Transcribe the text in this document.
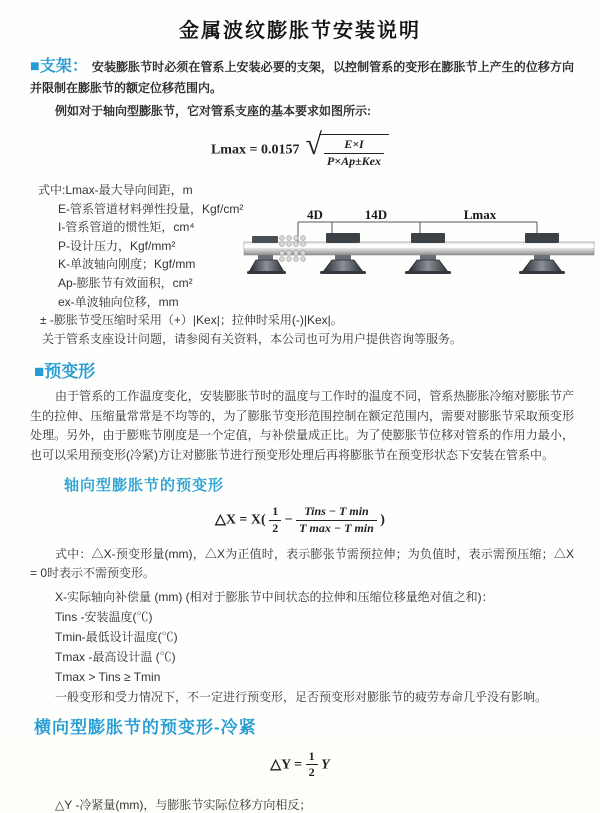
金属波纹膨胀节安装说明

■支架： 安装膨胀节时必须在管系上安装必要的支架，以控制管系的变形在膨胀节上产生的位移方向并限制在膨胀节的额定位移范围内。

例如对于轴向型膨胀节，它对管系支座的基本要求如图所示:

Lmax = 0.0157 √ $\frac{E\times I}{\text{P×Ap±Kex}}$
式中:Lmax-最大导向间距，m
E-管系管道材料弹性投量，Kgf/cm²
I-管系管道的惯性矩，cm⁴
P-设计压力，Kgf/mm²
K-单波轴向刚度；Kgf/mm
Ap-膨胀节有效面积，cm²
ex-单波轴向位移，mm
± -膨胀节受压缩时采用（+）|Kex|；拉伸时采用(-)|Kex|。
关于管系支座设计问题，请参阅有关资料，本公司也可为用户提供咨询等服务。
4D	14D	Lmax
■预变形

由于管系的工作温度变化，安装膨胀节时的温度与工作时的温度不同，管系热膨胀冷缩对膨胀节产生的拉伸、压缩量常常是不均等的，为了膨胀节变形范围控制在额定范围内，需要对膨胀节采取预变形处理。另外，由于膨账节刚度是一个定值，与补偿量成正比。为了使膨胀节位移对管系的作用力最小，也可以采用预变形(冷紧)方让对膨胀节进行预变形处理后再将膨胀节在预变形状态下安装在管系中。

轴向型膨胀节的预变形
△X = $X( \frac{1}{2} - \frac{\text{Tins − T min}}{\text{T max − T min}}$ )

式中：△X-预变形量(mm)，△X为正值时，表示膨张节需预拉伸；为负值时，表示需预压缩；△X = 0时表示不需预变形。

X-实际轴向补偿量 (mm) (相对于膨胀节中间状态的拉伸和压缩位移量绝对值之和)：
Tins -安装温度(℃)
Tmin-最低设计温度(℃)
Tmax -最高设计温 (℃)
Tmax > Tins ≥ Tmin
一般变形和受力情况下，不一定进行预变形，足否预变形对膨胀节的疲劳寿命几乎没有影响。
横向型膨胀节的预变形-冷紧
△Y = $\frac{1}{2}$ Y

△Y -冷紧量(mm)，与膨胀节实际位移方向相反；
